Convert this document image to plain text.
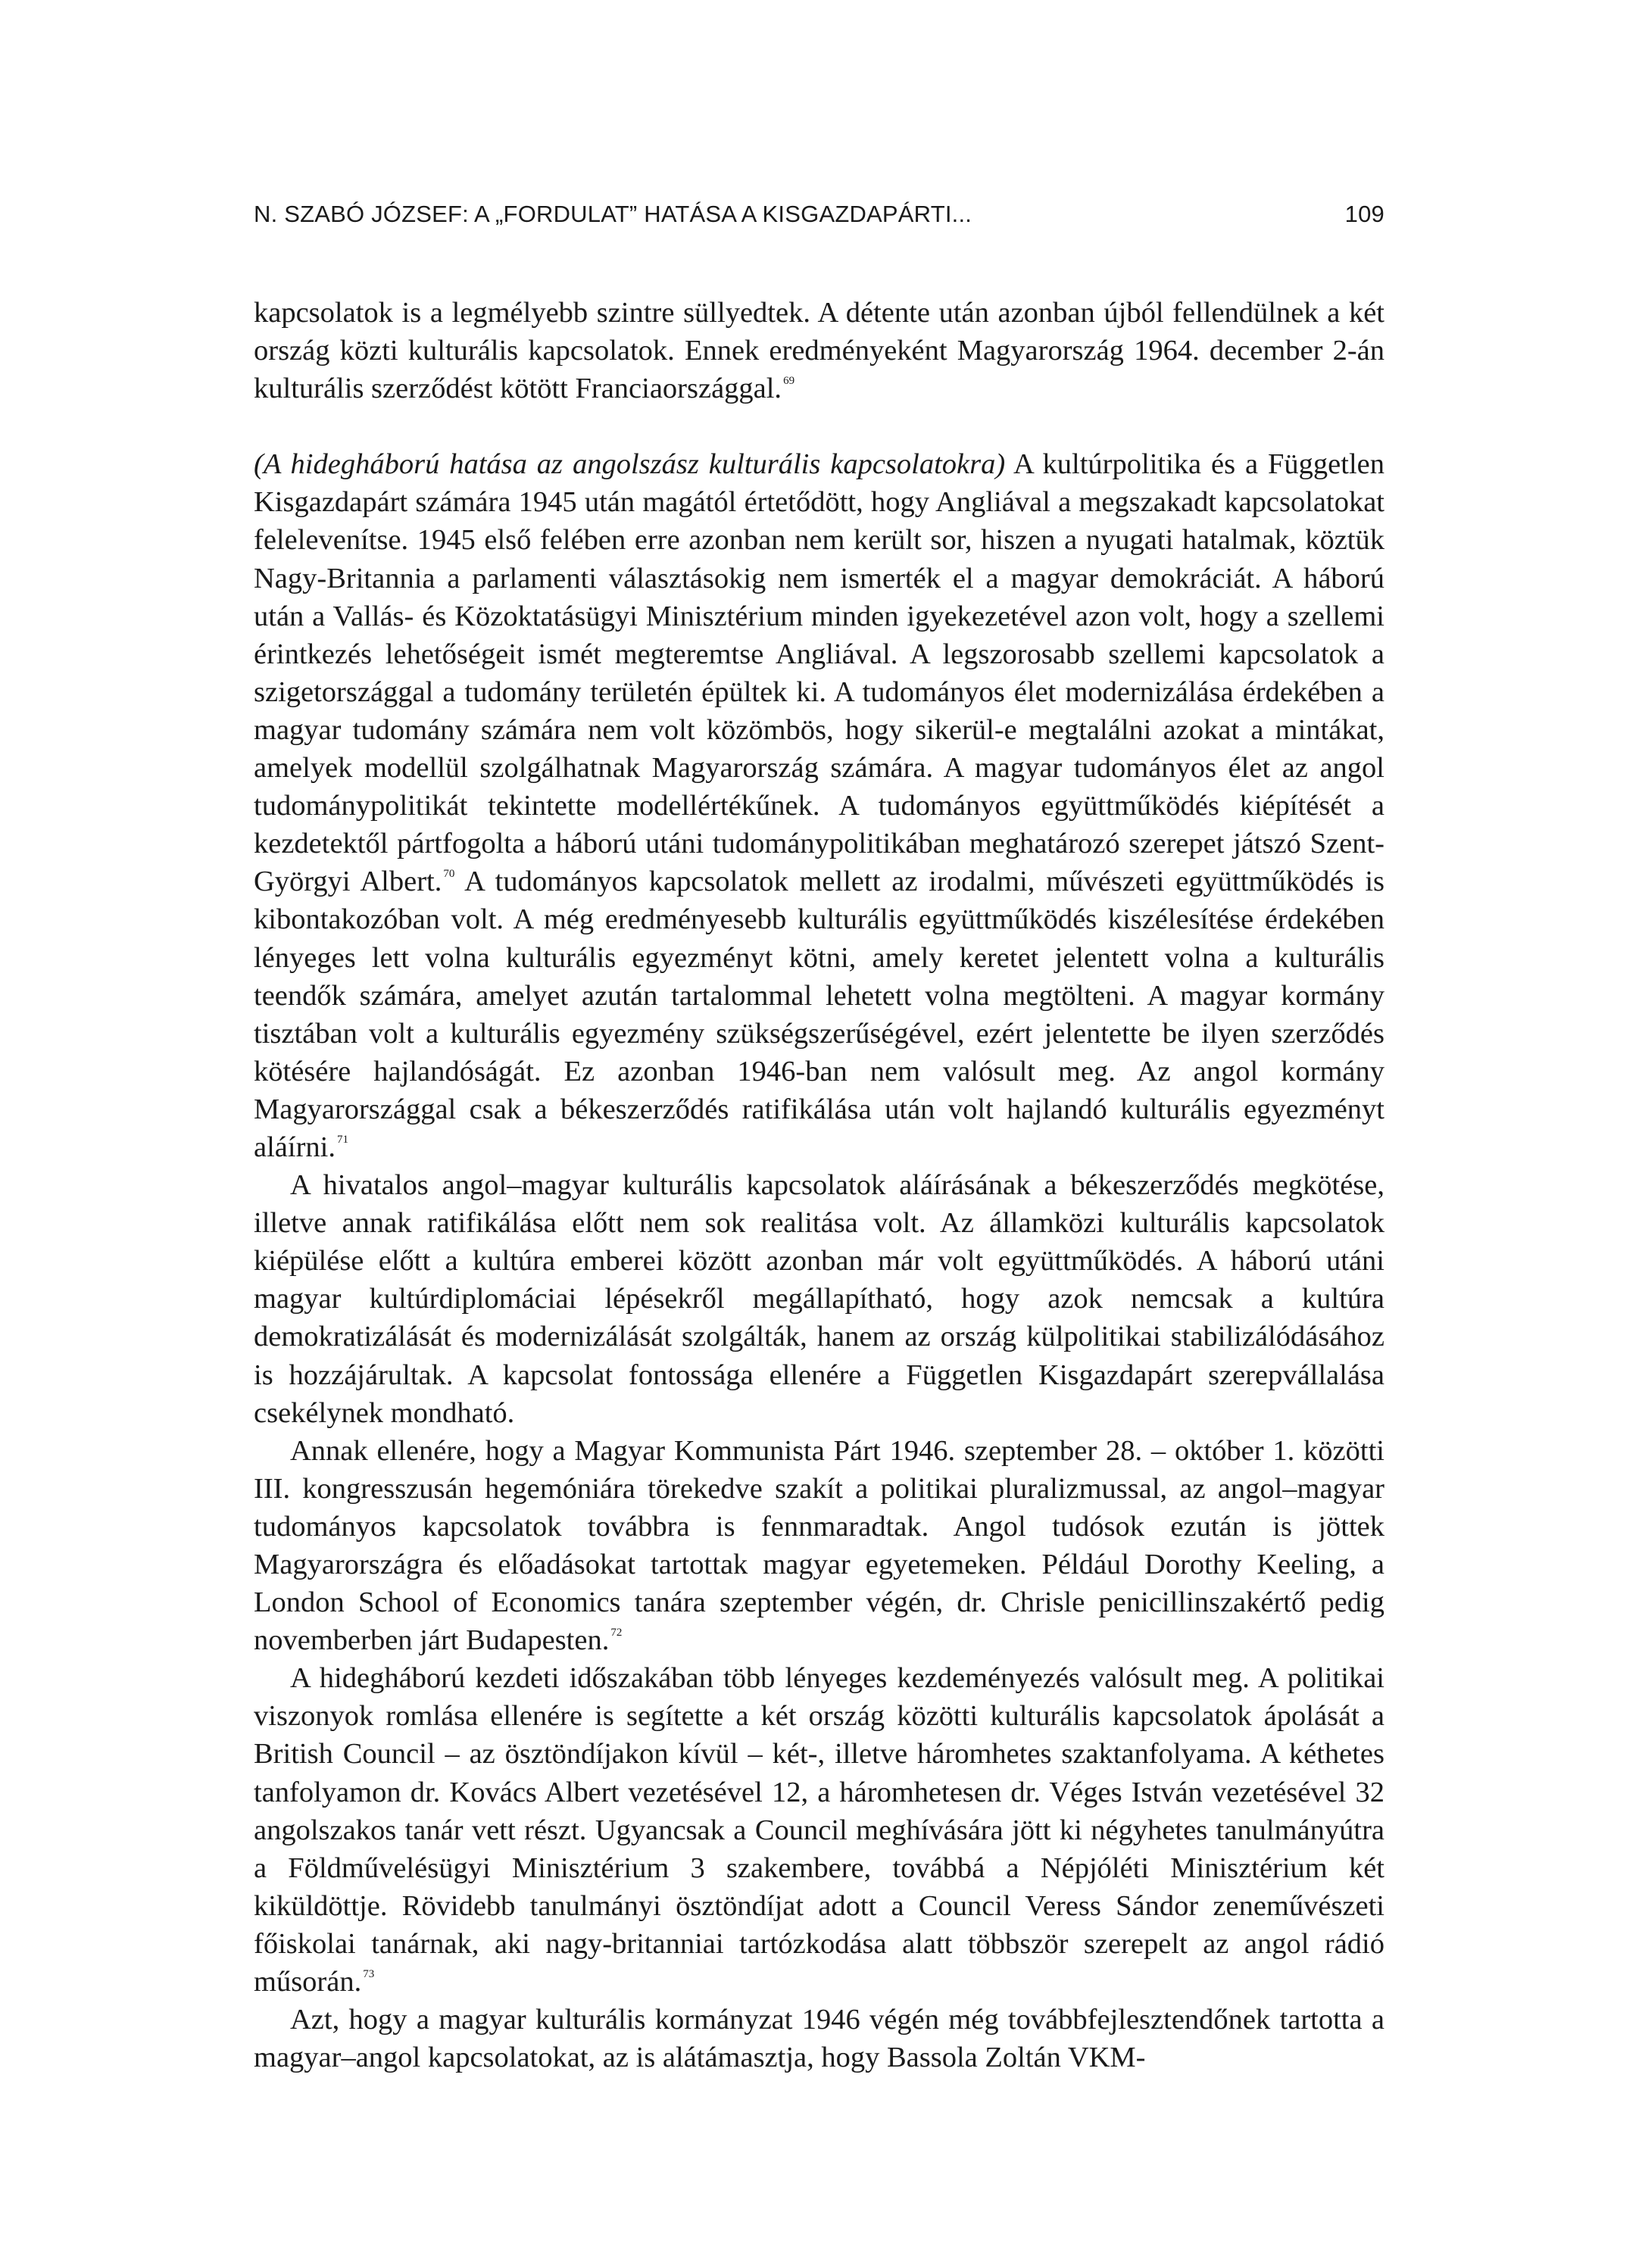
N. SZABÓ JÓZSEF: A „FORDULAT” HATÁSA A KISGAZDAPÁRTI...	109

kapcsolatok is a legmélyebb szintre süllyedtek. A détente után azonban újból fellendülnek a két ország közti kulturális kapcsolatok. Ennek eredményeként Magyarország 1964. december 2-án kulturális szerződést kötött Franciaországgal. $^{69}$

(A hidegháború hatása az angolszász kulturális kapcsolatokra) A kultúrpolitika és a Független Kisgazdapárt számára 1945 után magától értetődött, hogy Angliával a megszakadt kapcsolatokat felelevenítse. 1945 első felében erre azonban nem került sor, hiszen a nyugati hatalmak, köztük Nagy-Britannia a parlamenti választásokig nem ismerték el a magyar demokráciát. A háború után a Vallás- és Közoktatásügyi Minisztérium minden igyekezetével azon volt, hogy a szellemi érintkezés lehetőségeit ismét megteremtse Angliával. A legszorosabb szellemi kapcsolatok a szigetországgal a tudomány területén épültek ki. A tudományos élet modernizálása érdekében a magyar tudomány számára nem volt közömbös, hogy sikerül-e megtalálni azokat a mintákat, amelyek modellül szolgálhatnak Magyarország számára. A magyar tudományos élet az angol tudománypolitikát tekintette modellértékűnek. A tudományos együttműködés kiépítését a kezdetektől pártfogolta a háború utáni tudománypolitikában meghatározó szerepet játszó Szent-Györgyi Albert. $^{70}$ A tudományos kapcsolatok mellett az irodalmi, művészeti együttműködés is kibontakozóban volt. A még eredményesebb kulturális együttműködés kiszélesítése érdekében lényeges lett volna kulturális egyezményt kötni, amely keretet jelentett volna a kulturális teendők számára, amelyet azután tartalommal lehetett volna megtölteni. A magyar kormány tisztában volt a kulturális egyezmény szükségszerűségével, ezért jelentette be ilyen szerződés kötésére hajlandóságát. Ez azonban 1946-ban nem valósult meg. Az angol kormány Magyarországgal csak a békeszerződés ratifikálása után volt hajlandó kulturális egyezményt aláírni. $^{71}$

A hivatalos angol–magyar kulturális kapcsolatok aláírásának a békeszerződés megkötése, illetve annak ratifikálása előtt nem sok realitása volt. Az államközi kulturális kapcsolatok kiépülése előtt a kultúra emberei között azonban már volt együttműködés. A háború utáni magyar kultúrdiplomáciai lépésekről megállapítható, hogy azok nemcsak a kultúra demokratizálását és modernizálását szolgálták, hanem az ország külpolitikai stabilizálódásához is hozzájárultak. A kapcsolat fontossága ellenére a Független Kisgazdapárt szerepvállalása csekélynek mondható.

Annak ellenére, hogy a Magyar Kommunista Párt 1946. szeptember 28. – október 1. közötti III. kongresszusán hegemóniára törekedve szakít a politikai pluralizmussal, az angol–magyar tudományos kapcsolatok továbbra is fennmaradtak. Angol tudósok ezután is jöttek Magyarországra és előadásokat tartottak magyar egyetemeken. Például Dorothy Keeling, a London School of Economics tanára szeptember végén, dr. Chrisle penicillinszakértő pedig novemberben járt Budapesten. $^{72}$

A hidegháború kezdeti időszakában több lényeges kezdeményezés valósult meg. A politikai viszonyok romlása ellenére is segítette a két ország közötti kulturális kapcsolatok ápolását a British Council – az ösztöndíjakon kívül – két-, illetve háromhetes szaktanfolyama. A kéthetes tanfolyamon dr. Kovács Albert vezetésével 12, a háromhetesen dr. Véges István vezetésével 32 angolszakos tanár vett részt. Ugyancsak a Council meghívására jött ki négyhetes tanulmányútra a Földművelésügyi Minisztérium 3 szakembere, továbbá a Népjóléti Minisztérium két kiküldöttje. Rövidebb tanulmányi ösztöndíjat adott a Council Veress Sándor zeneművészeti főiskolai tanárnak, aki nagy-britanniai tartózkodása alatt többször szerepelt az angol rádió műsorán. $^{73}$

Azt, hogy a magyar kulturális kormányzat 1946 végén még továbbfejlesztendőnek tartotta a magyar–angol kapcsolatokat, az is alátámasztja, hogy Bassola Zoltán VKM-
